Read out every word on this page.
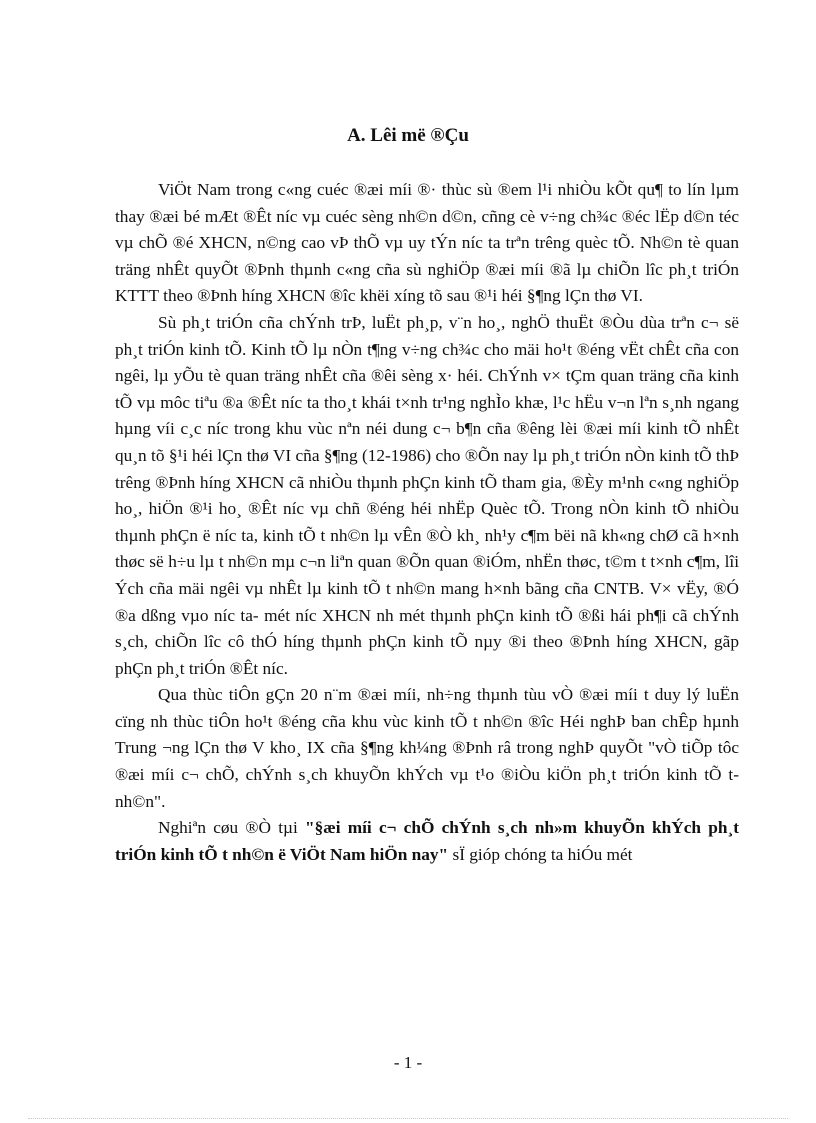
A. Lêi më ®Çu

ViÖt Nam trong c«ng cuéc ®æi míi ®· thùc sù ®em l¹i nhiÒu kÕt qu¶ to lín lµm thay ®æi bé mÆt ®Êt níc vµ cuéc sèng nh©n d©n, cñng cè v÷ng ch¾c ®éc lËp d©n téc vµ chÕ ®é XHCN, n©ng cao vÞ thÕ vµ uy tÝn níc ta trªn trêng quèc tÕ. Nh©n tè quan träng nhÊt quyÕt ®Þnh thµnh c«ng cña sù nghiÖp ®æi míi ®ã lµ chiÕn lîc ph¸t triÓn KTTT theo ®Þnh híng XHCN ®îc khëi xíng tõ sau ®¹i héi §¶ng lÇn thø VI.

Sù ph¸t triÓn cña chÝnh trÞ, luËt ph¸p, v¨n ho¸, nghÖ thuËt ®Òu dùa trªn c¬ së ph¸t triÓn kinh tÕ. Kinh tÕ lµ nÒn t¶ng v÷ng ch¾c cho mäi ho¹t ®éng vËt chÊt cña con ngêi, lµ yÕu tè quan träng nhÊt cña ®êi sèng x· héi. ChÝnh v× tÇm quan träng cña kinh tÕ vµ môc tiªu ®a ®Êt níc ta tho¸t khái t×nh tr¹ng nghÌo khæ, l¹c hËu v¬n lªn s¸nh ngang hµng víi c¸c níc trong khu vùc nªn néi dung c¬ b¶n cña ®êng lèi ®æi míi kinh tÕ nhÊt qu¸n tõ §¹i héi lÇn thø VI cña §¶ng (12-1986) cho ®Õn nay lµ ph¸t triÓn nÒn kinh tÕ thÞ trêng ®Þnh híng XHCN cã nhiÒu thµnh phÇn kinh tÕ tham gia, ®Èy m¹nh c«ng nghiÖp ho¸, hiÖn ®¹i ho¸ ®Êt níc vµ chñ ®éng héi nhËp Quèc tÕ. Trong nÒn kinh tÕ nhiÒu thµnh phÇn ë níc ta, kinh tÕ t nh©n lµ vÊn ®Ò kh¸ nh¹y c¶m bëi nã kh«ng chØ cã h×nh thøc së h÷u lµ t nh©n mµ c¬n liªn quan ®Õn quan ®iÓm, nhËn thøc, t©m t t×nh c¶m, lîi Ých cña mäi ngêi vµ nhÊt lµ kinh tÕ t nh©n mang h×nh bãng cña CNTB. V× vËy, ®Ó ®a dßng vµo níc ta- mét níc XHCN nh mét thµnh phÇn kinh tÕ ®ßi hái ph¶i cã chÝnh s¸ch, chiÕn lîc cô thÓ híng thµnh phÇn kinh tÕ nµy ®i theo ®Þnh híng XHCN, gãp phÇn ph¸t triÓn ®Êt níc.

Qua thùc tiÔn gÇn 20 n¨m ®æi míi, nh÷ng thµnh tùu vÒ ®æi míi t duy lý luËn cïng nh thùc tiÔn ho¹t ®éng cña khu vùc kinh tÕ t nh©n ®îc Héi nghÞ ban chÊp hµnh Trung ¬ng lÇn thø V kho¸ IX cña §¶ng kh¼ng ®Þnh râ trong nghÞ quyÕt "vÒ tiÕp tôc ®æi míi c¬ chÕ, chÝnh s¸ch khuyÕn khÝch vµ t¹o ®iÒu kiÖn ph¸t triÓn kinh tÕ t nh©n".

Nghiªn cøu ®Ò tµi "§æi míi c¬ chÕ chÝnh s¸ch nh»m khuyÕn khÝch ph¸t triÓn kinh tÕ t nh©n ë ViÖt Nam hiÖn nay" sÏ gióp chóng ta hiÓu mét

- 1 -
